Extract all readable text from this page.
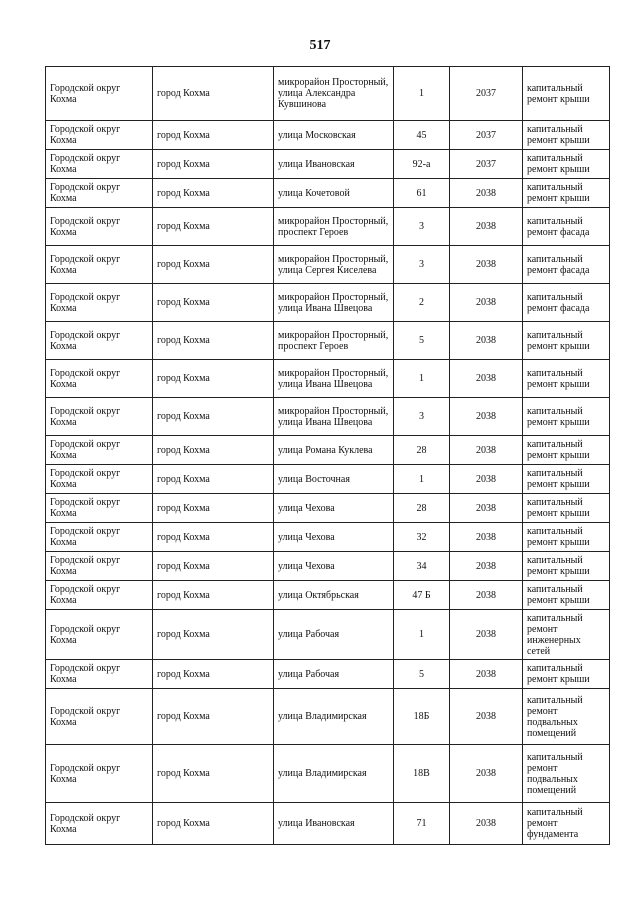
517
Городской округ Кохма	город Кохма	микрорайон Просторный, улица Александра Кувшинова	1	2037	капитальный ремонт крыши
Городской округ Кохма	город Кохма	улица Московская	45	2037	капитальный ремонт крыши
Городской округ Кохма	город Кохма	улица Ивановская	92-а	2037	капитальный ремонт крыши
Городской округ Кохма	город Кохма	улица Кочетовой	61	2038	капитальный ремонт крыши
Городской округ Кохма	город Кохма	микрорайон Просторный, проспект Героев	3	2038	капитальный ремонт фасада
Городской округ Кохма	город Кохма	микрорайон Просторный, улица Сергея Киселева	3	2038	капитальный ремонт фасада
Городской округ Кохма	город Кохма	микрорайон Просторный, улица Ивана Швецова	2	2038	капитальный ремонт фасада
Городской округ Кохма	город Кохма	микрорайон Просторный, проспект Героев	5	2038	капитальный ремонт крыши
Городской округ Кохма	город Кохма	микрорайон Просторный, улица Ивана Швецова	1	2038	капитальный ремонт крыши
Городской округ Кохма	город Кохма	микрорайон Просторный, улица Ивана Швецова	3	2038	капитальный ремонт крыши
Городской округ Кохма	город Кохма	улица Романа Куклева	28	2038	капитальный ремонт крыши
Городской округ Кохма	город Кохма	улица Восточная	1	2038	капитальный ремонт крыши
Городской округ Кохма	город Кохма	улица Чехова	28	2038	капитальный ремонт крыши
Городской округ Кохма	город Кохма	улица Чехова	32	2038	капитальный ремонт крыши
Городской округ Кохма	город Кохма	улица Чехова	34	2038	капитальный ремонт крыши
Городской округ Кохма	город Кохма	улица Октябрьская	47 Б	2038	капитальный ремонт крыши
Городской округ Кохма	город Кохма	улица Рабочая	1	2038	капитальный ремонт инженерных сетей
Городской округ Кохма	город Кохма	улица Рабочая	5	2038	капитальный ремонт крыши
Городской округ Кохма	город Кохма	улица Владимирская	18Б	2038	капитальный ремонт подвальных помещений
Городской округ Кохма	город Кохма	улица Владимирская	18В	2038	капитальный ремонт подвальных помещений
Городской округ Кохма	город Кохма	улица Ивановская	71	2038	капитальный ремонт фундамента
